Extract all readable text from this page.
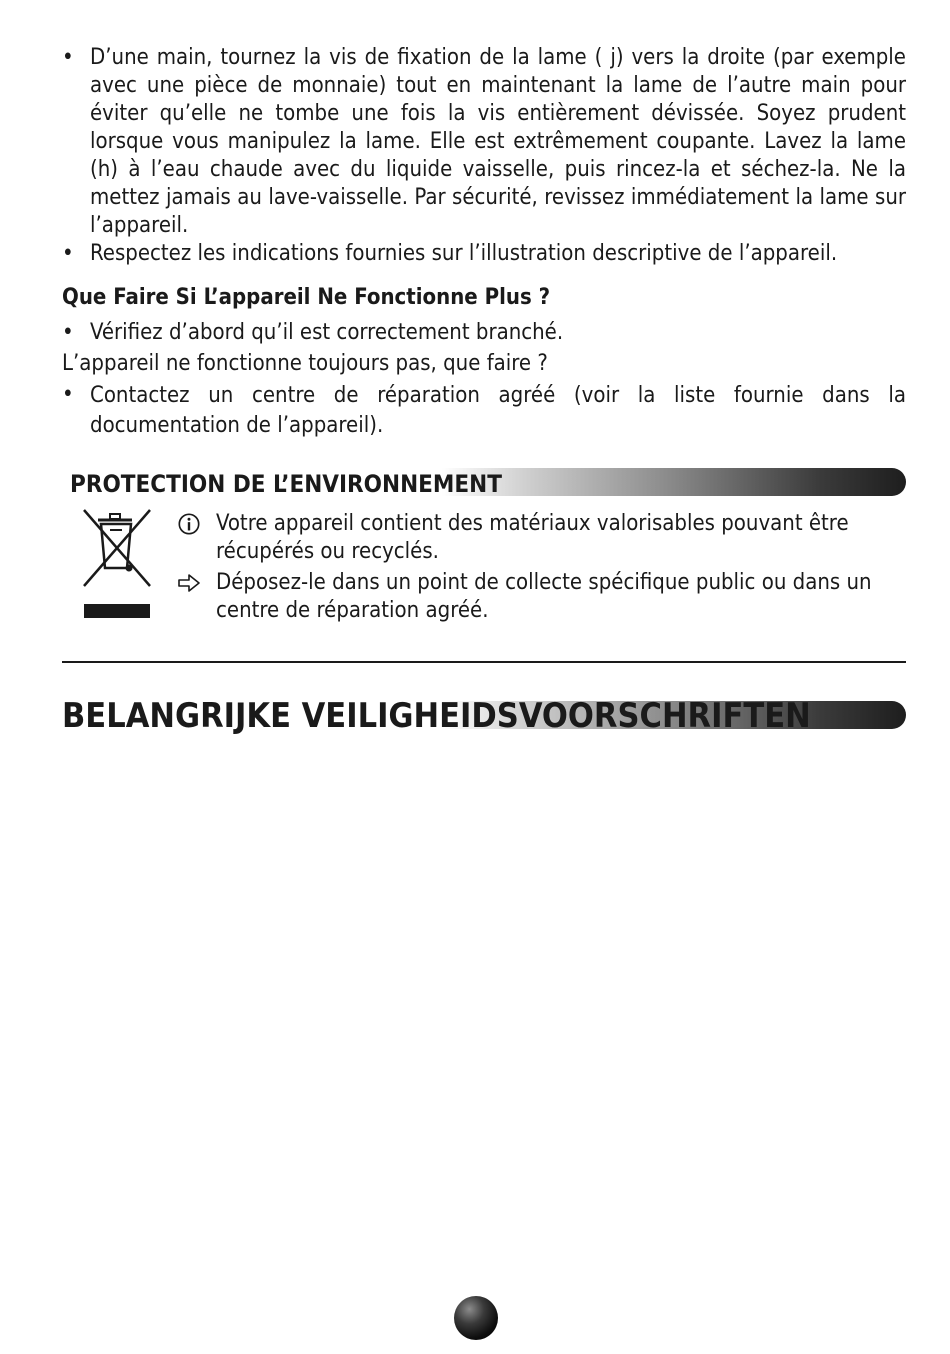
• D’une main, tournez la vis de fixation de la lame ( j) vers la droite (par exemple avec une pièce de monnaie) tout en maintenant la lame de l’autre main pour éviter qu’elle ne tombe une fois la vis entièrement dévissée. Soyez prudent lorsque vous manipulez la lame. Elle est extrêmement coupante. Lavez la lame (h) à l’eau chaude avec du liquide vaisselle, puis rincez-la et séchez-la. Ne la mettez jamais au lave-vaisselle. Par sécurité, revissez immédiatement la lame sur l’appareil.
• Respectez les indications fournies sur l’illustration descriptive de l’appareil.
Que Faire Si L’appareil Ne Fonctionne Plus ?
• Vérifiez d’abord qu’il est correctement branché.
L’appareil ne fonctionne toujours pas, que faire ?
• Contactez un centre de réparation agréé (voir la liste fournie dans la documentation de l’appareil).
PROTECTION DE L’ENVIRONNEMENT
Votre appareil contient des matériaux valorisables pouvant être récupérés ou recyclés.
Déposez-le dans un point de collecte spécifique public ou dans un centre de réparation agréé.
BELANGRIJKE VEILIGHEIDSVOORSCHRIFTEN
